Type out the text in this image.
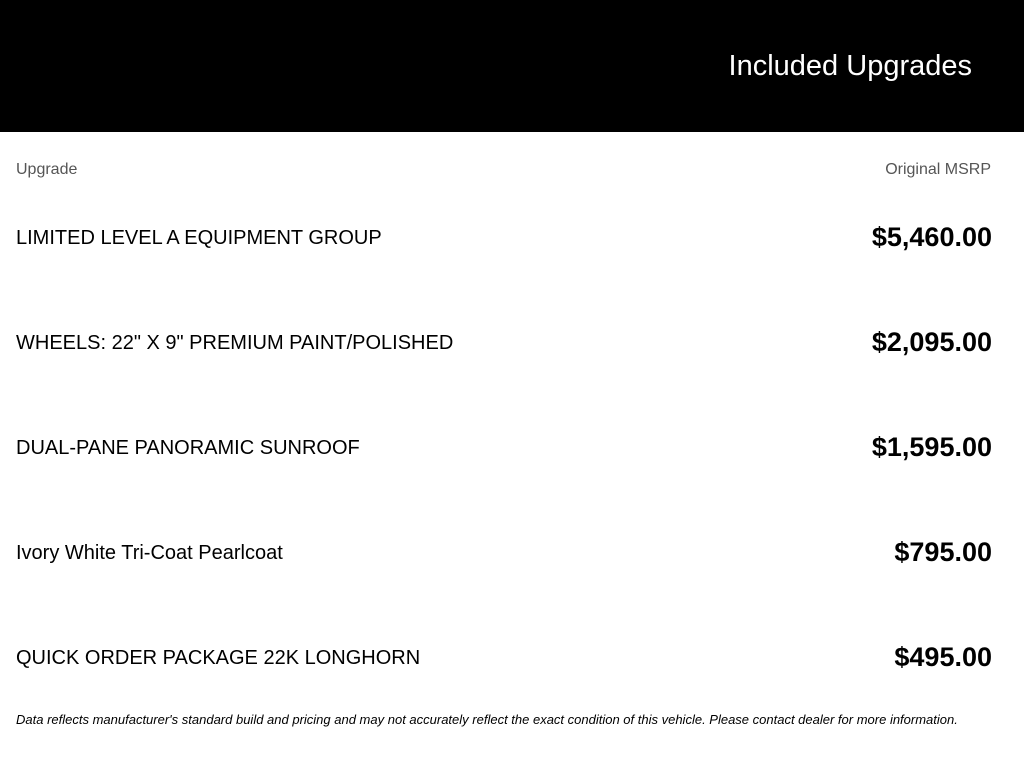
Included Upgrades
Upgrade	Original MSRP
LIMITED LEVEL A EQUIPMENT GROUP	$5,460.00
WHEELS: 22" X 9" PREMIUM PAINT/POLISHED	$2,095.00
DUAL-PANE PANORAMIC SUNROOF	$1,595.00
Ivory White Tri-Coat Pearlcoat	$795.00
QUICK ORDER PACKAGE 22K LONGHORN	$495.00
Data reflects manufacturer's standard build and pricing and may not accurately reflect the exact condition of this vehicle. Please contact dealer for more information.
